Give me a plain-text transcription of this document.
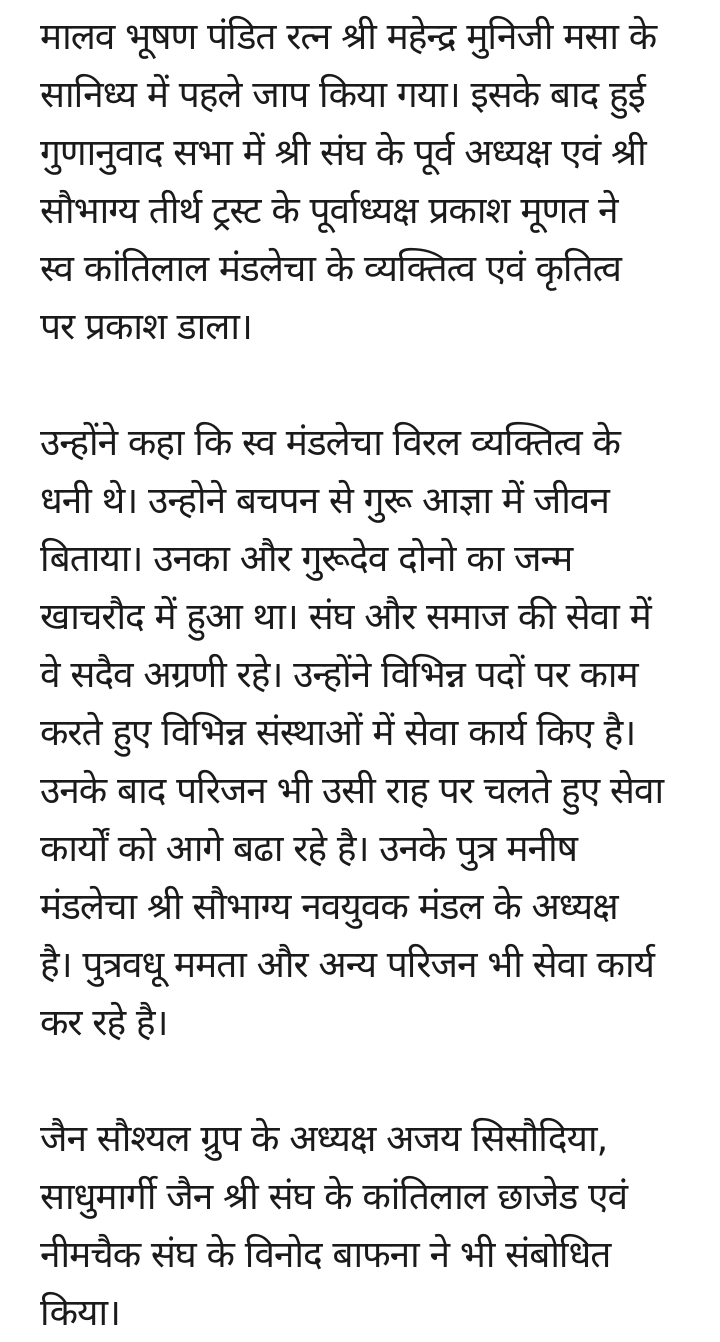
मालव भूषण पंडित रत्न श्री महेन्द्र मुनिजी मसा के
सानिध्य में पहले जाप किया गया। इसके बाद हुई
गुणानुवाद सभा में श्री संघ के पूर्व अध्यक्ष एवं श्री
सौभाग्य तीर्थ ट्रस्ट के पूर्वाध्यक्ष प्रकाश मूणत ने
स्व कांतिलाल मंडलेचा के व्यक्तित्व एवं कृतित्व
पर प्रकाश डाला।

उन्होंने कहा कि स्व मंडलेचा विरल व्यक्तित्व के
धनी थे। उन्होने बचपन से गुरू आज्ञा में जीवन
बिताया। उनका और गुरूदेव दोनो का जन्म
खाचरौद में हुआ था। संघ और समाज की सेवा में
वे सदैव अग्रणी रहे। उन्होंने विभिन्न पदों पर काम
करते हुए विभिन्न संस्थाओं में सेवा कार्य किए है।
उनके बाद परिजन भी उसी राह पर चलते हुए सेवा
कार्यों को आगे बढा रहे है। उनके पुत्र मनीष
मंडलेचा श्री सौभाग्य नवयुवक मंडल के अध्यक्ष
है। पुत्रवधू ममता और अन्य परिजन भी सेवा कार्य
कर रहे है।

जैन सौश्यल ग्रुप के अध्यक्ष अजय सिसौदिया,
साधुमार्गी जैन श्री संघ के कांतिलाल छाजेड एवं
नीमचैक संघ के विनोद बाफना ने भी संबोधित
किया।
